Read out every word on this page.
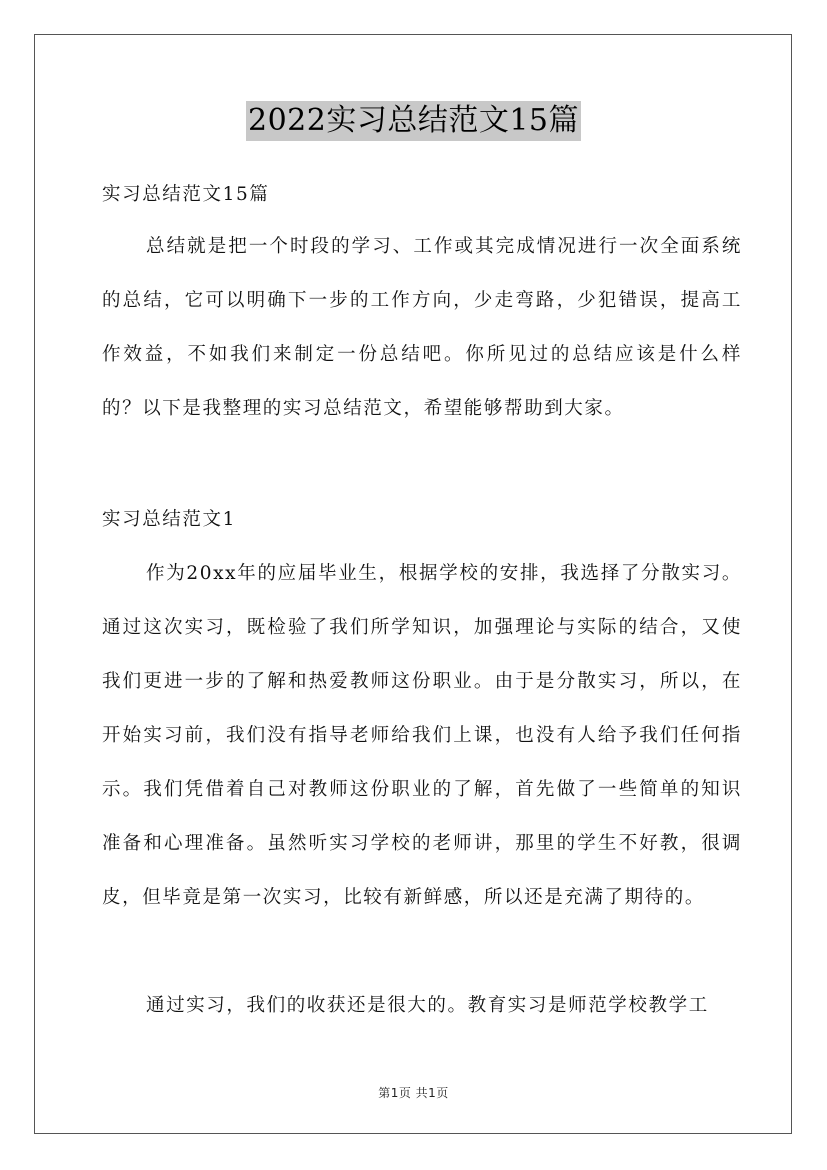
2022实习总结范文15篇
实习总结范文15篇

总结就是把一个时段的学习、工作或其完成情况进行一次全面系统的总结，它可以明确下一步的工作方向，少走弯路，少犯错误，提高工作效益，不如我们来制定一份总结吧。你所见过的总结应该是什么样的？以下是我整理的实习总结范文，希望能够帮助到大家。

实习总结范文1

作为20xx年的应届毕业生，根据学校的安排，我选择了分散实习。通过这次实习，既检验了我们所学知识，加强理论与实际的结合，又使我们更进一步的了解和热爱教师这份职业。由于是分散实习，所以，在开始实习前，我们没有指导老师给我们上课，也没有人给予我们任何指示。我们凭借着自己对教师这份职业的了解，首先做了一些简单的知识准备和心理准备。虽然听实习学校的老师讲，那里的学生不好教，很调皮，但毕竟是第一次实习，比较有新鲜感，所以还是充满了期待的。

通过实习，我们的收获还是很大的。教育实习是师范学校教学工

第1页 共1页
